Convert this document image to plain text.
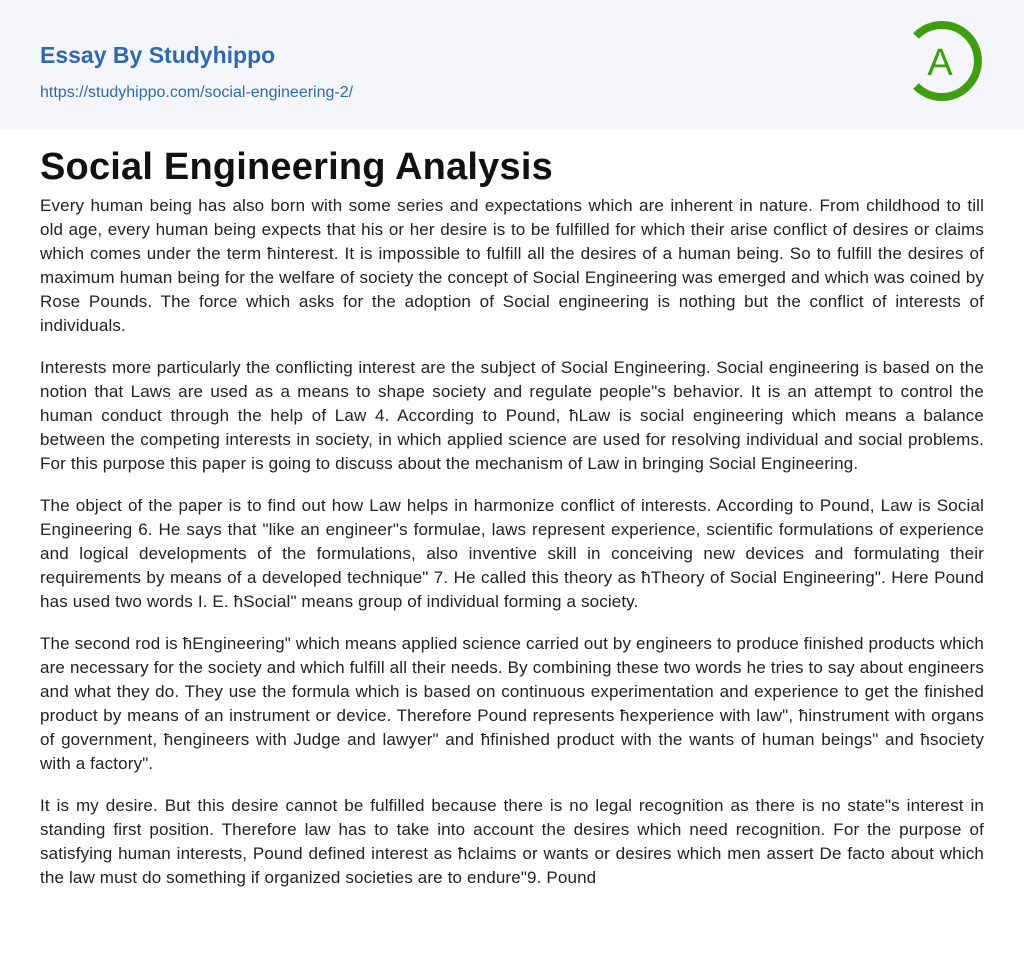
Essay By Studyhippo
https://studyhippo.com/social-engineering-2/
A
Social Engineering Analysis

Every human being has also born with some series and expectations which are inherent in nature. From childhood to till old age, every human being expects that his or her desire is to be fulfilled for which their arise conflict of desires or claims which comes under the term ħinterest. It is impossible to fulfill all the desires of a human being. So to fulfill the desires of maximum human being for the welfare of society the concept of Social Engineering was emerged and which was coined by Rose Pounds. The force which asks for the adoption of Social engineering is nothing but the conflict of interests of individuals.

Interests more particularly the conflicting interest are the subject of Social Engineering. Social engineering is based on the notion that Laws are used as a means to shape society and regulate people"s behavior. It is an attempt to control the human conduct through the help of Law 4. According to Pound, ħLaw is social engineering which means a balance between the competing interests in society, in which applied science are used for resolving individual and social problems. For this purpose this paper is going to discuss about the mechanism of Law in bringing Social Engineering.

The object of the paper is to find out how Law helps in harmonize conflict of interests. According to Pound, Law is Social Engineering 6. He says that "like an engineer"s formulae, laws represent experience, scientific formulations of experience and logical developments of the formulations, also inventive skill in conceiving new devices and formulating their requirements by means of a developed technique" 7. He called this theory as ħTheory of Social Engineering". Here Pound has used two words I. E. ħSocial" means group of individual forming a society.

The second rod is ħEngineering" which means applied science carried out by engineers to produce finished products which are necessary for the society and which fulfill all their needs. By combining these two words he tries to say about engineers and what they do. They use the formula which is based on continuous experimentation and experience to get the finished product by means of an instrument or device. Therefore Pound represents ħexperience with law", ħinstrument with organs of government, ħengineers with Judge and lawyer" and ħfinished product with the wants of human beings" and ħsociety with a factory".

It is my desire. But this desire cannot be fulfilled because there is no legal recognition as there is no state"s interest in standing first position. Therefore law has to take into account the desires which need recognition. For the purpose of satisfying human interests, Pound defined interest as ħclaims or wants or desires which men assert De facto about which the law must do something if organized societies are to endure"9. Pound
